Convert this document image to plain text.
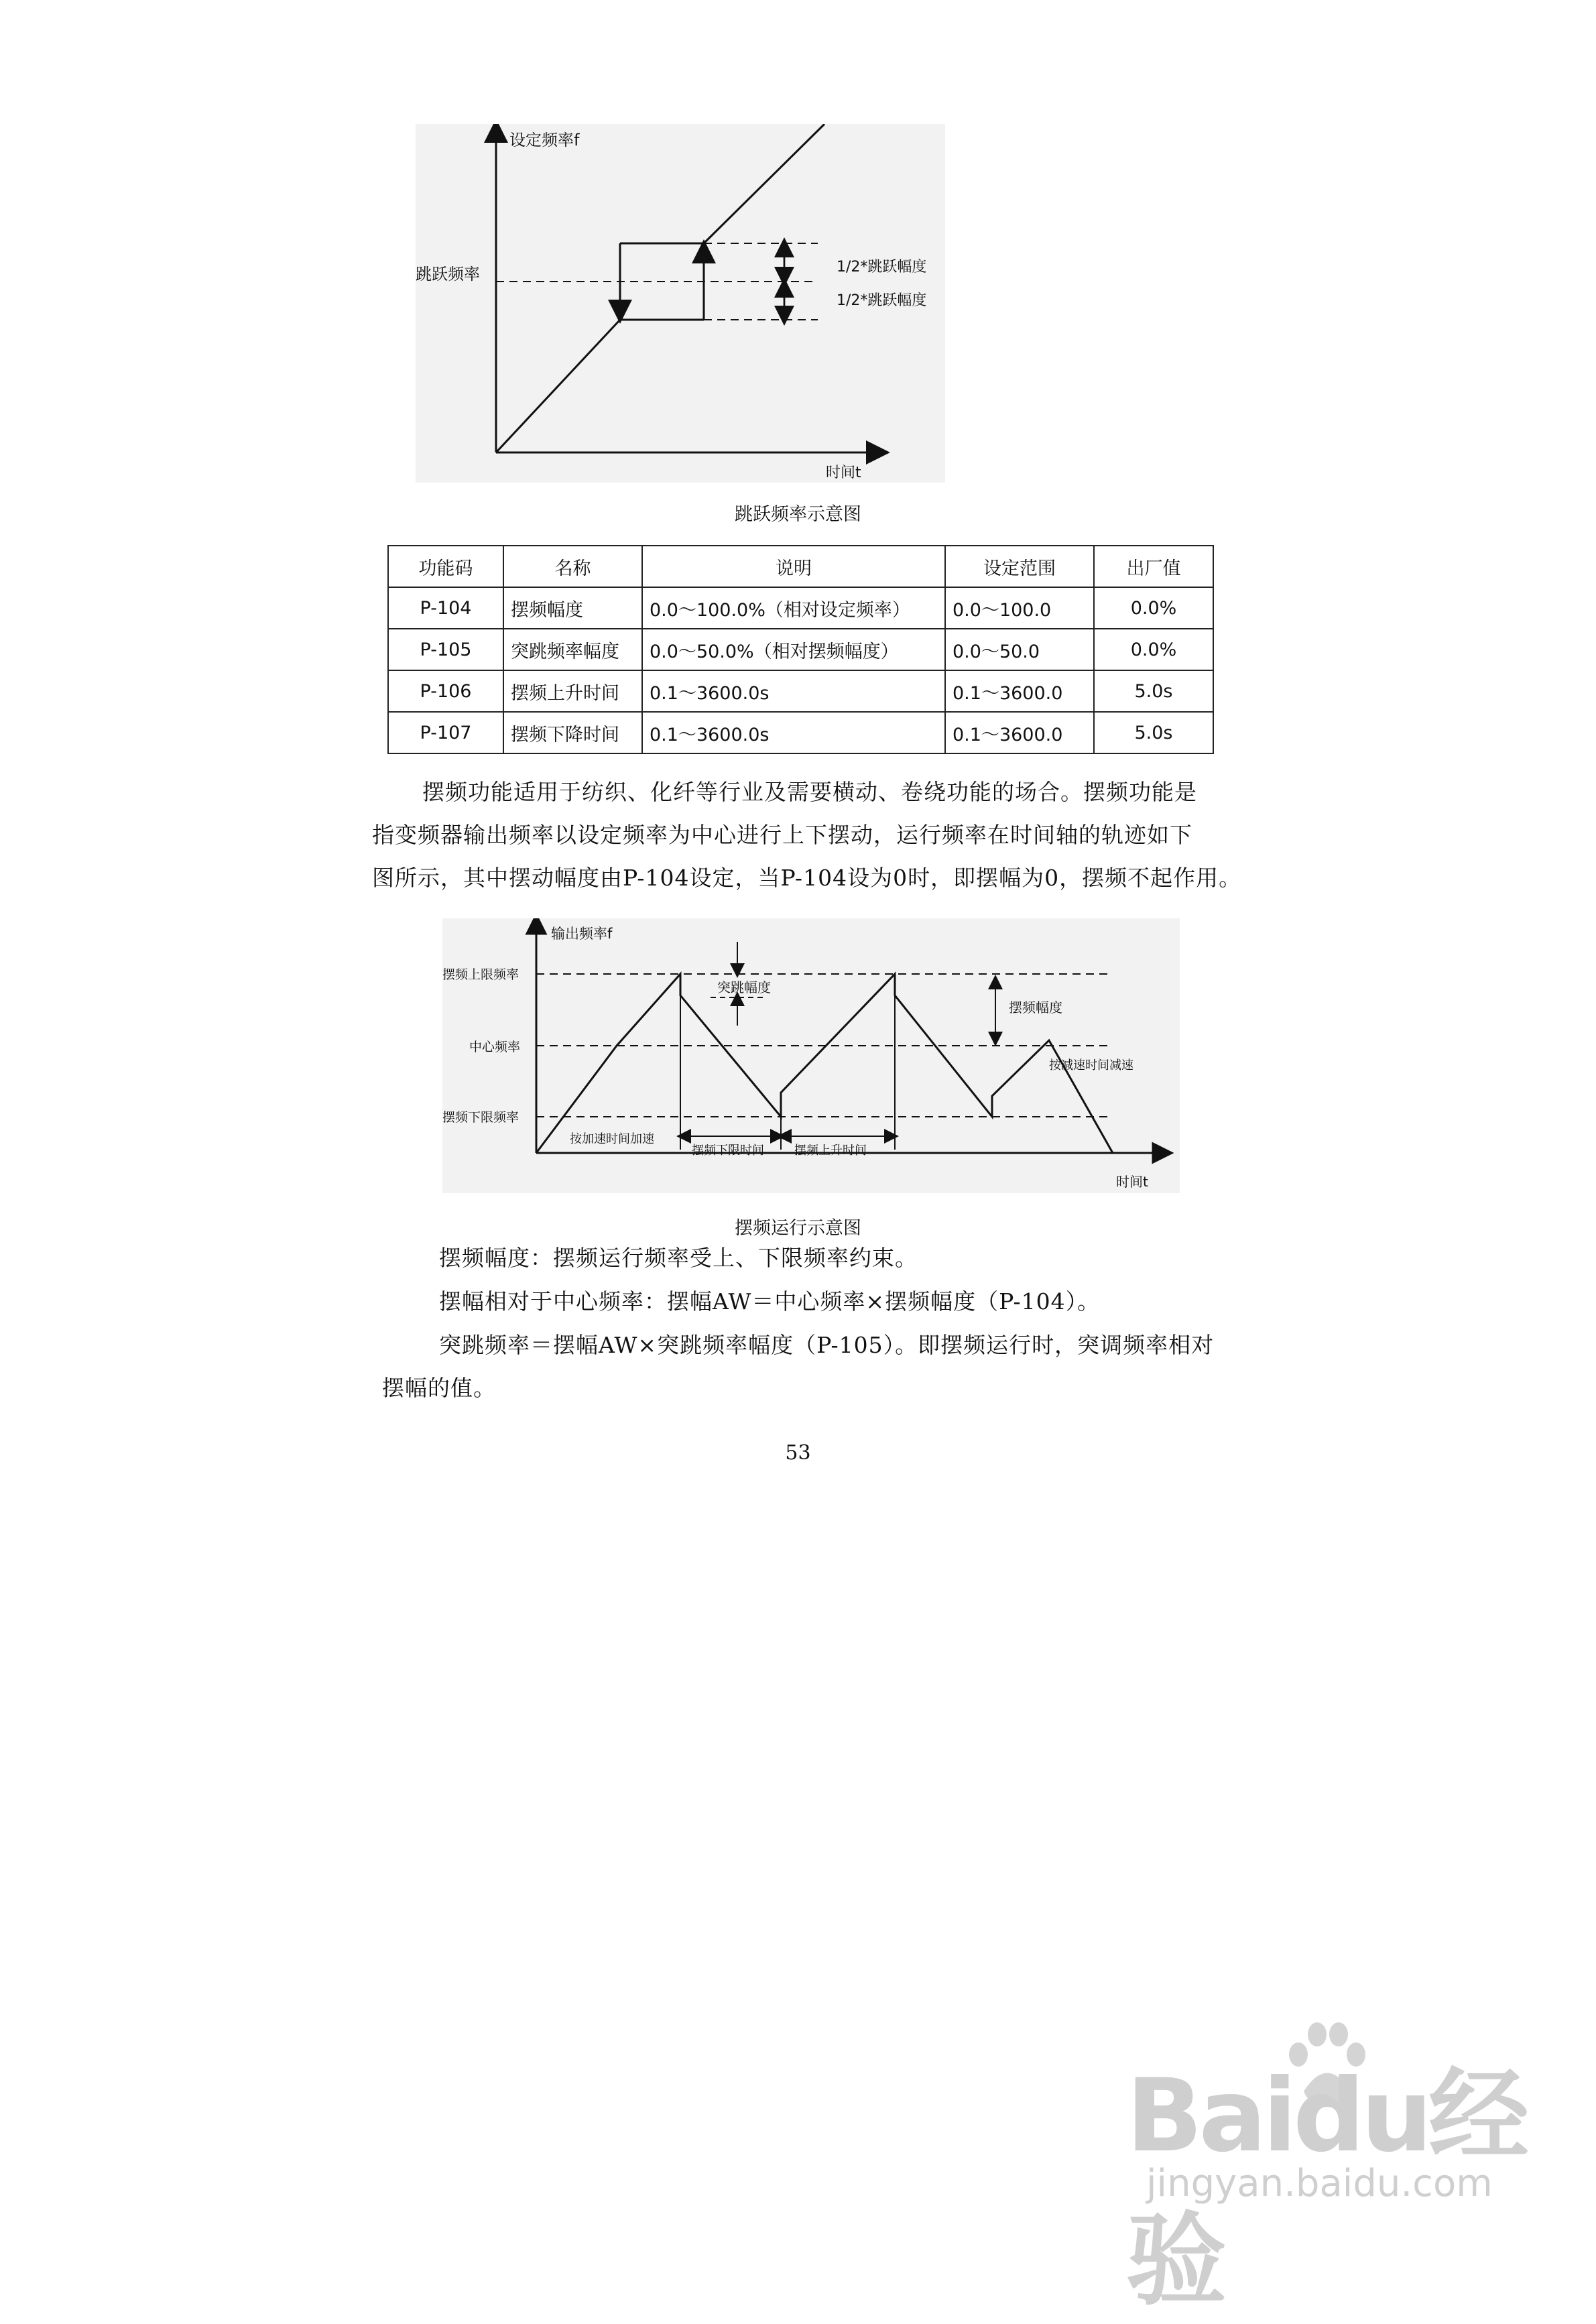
设定频率f
时间t
跳跃频率	1/2*跳跃幅度
1/2*跳跃幅度
跳跃频率示意图
功能码	名称	说明	设定范围	出厂值
P-104	摆频幅度	0.0～100.0%（相对设定频率）	0.0～100.0	0.0%
P-105	突跳频率幅度	0.0～50.0%（相对摆频幅度）	0.0～50.0	0.0%
P-106	摆频上升时间	0.1～3600.0s	0.1～3600.0	5.0s
P-107	摆频下降时间	0.1～3600.0s	0.1～3600.0	5.0s
摆频功能适用于纺织、化纤等行业及需要横动、卷绕功能的场合。摆频功能是
指变频器输出频率以设定频率为中心进行上下摆动，运行频率在时间轴的轨迹如下
图所示，其中摆动幅度由P-104设定，当P-104设为0时，即摆幅为0，摆频不起作用。
输出频率f
时间t
摆频上限频率
中心频率
摆频下限频率
突跳幅度
摆频幅度
按减速时间减速
按加速时间加速
摆频下限时间	摆频上升时间
摆频运行示意图
摆频幅度：摆频运行频率受上、下限频率约束。
摆幅相对于中心频率：摆幅AW＝中心频率×摆频幅度（P-104）。
突跳频率＝摆幅AW×突跳频率幅度（P-105）。即摆频运行时，突调频率相对
摆幅的值。
53
Baidu经验
jingyan.baidu.com
